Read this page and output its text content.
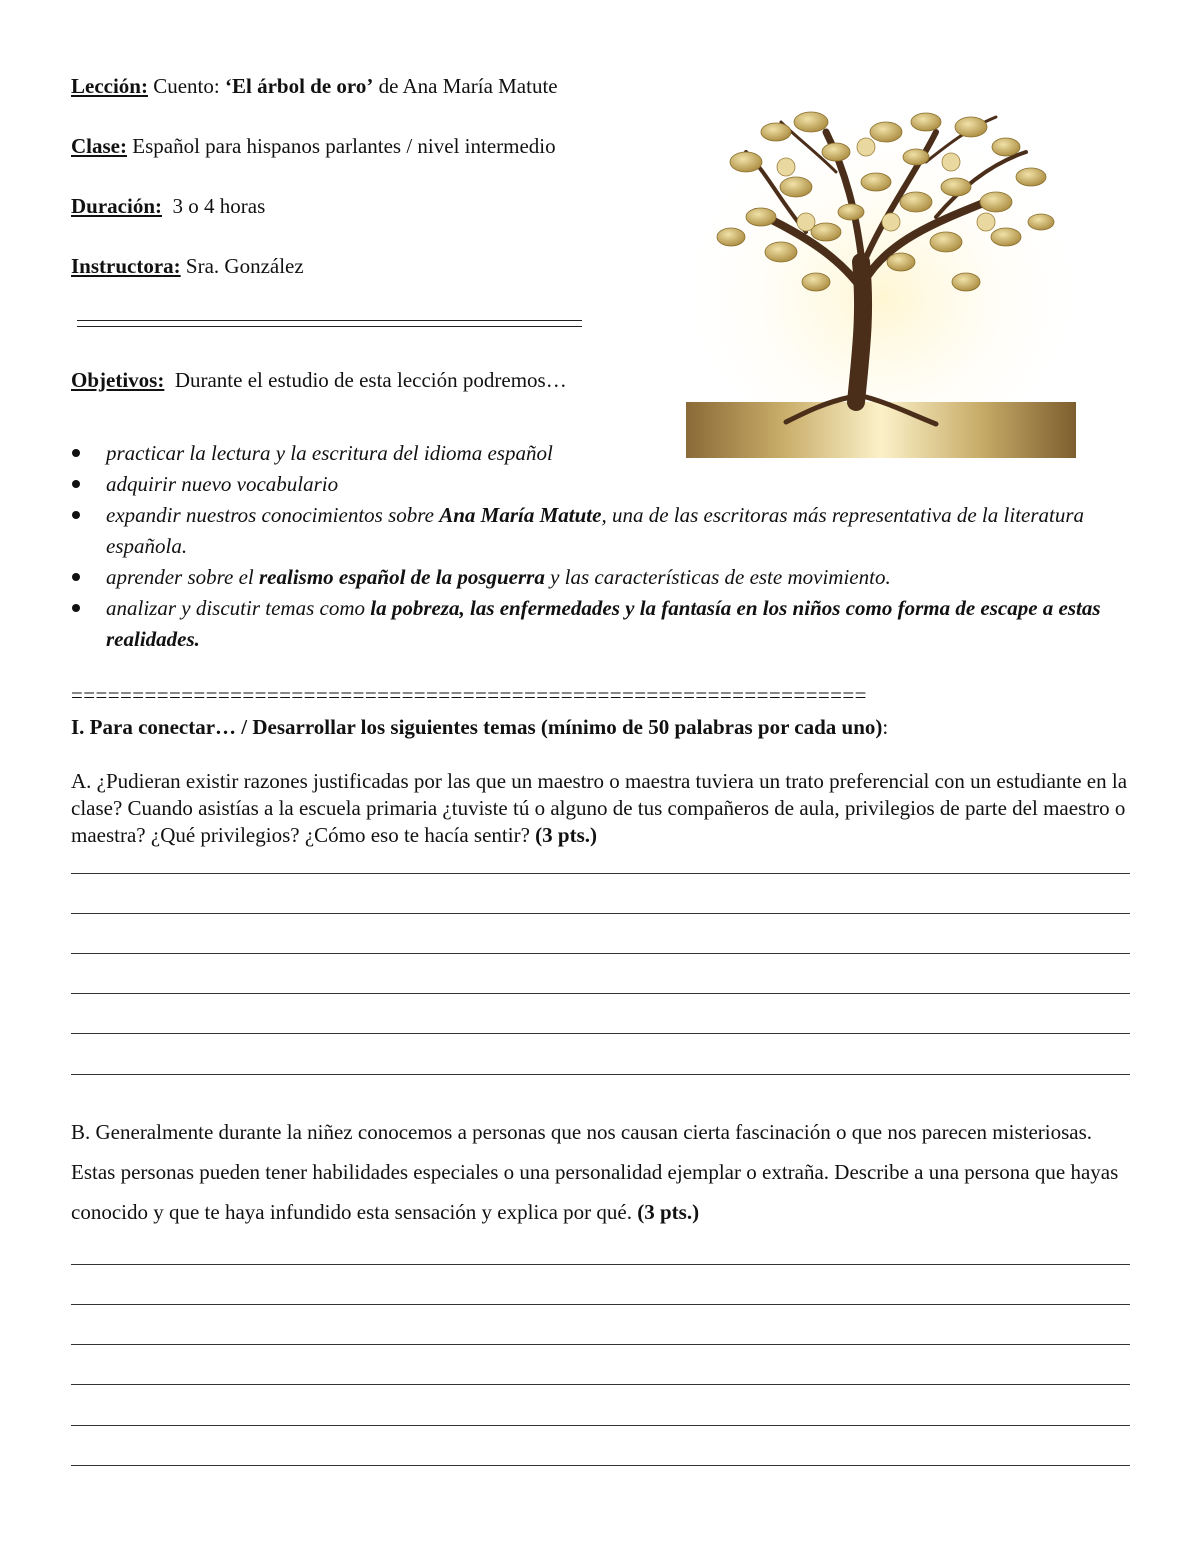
Lección: Cuento: ‘El árbol de oro’ de Ana María Matute
Clase: Español para hispanos parlantes / nivel intermedio
Duración:  3 o 4 horas
Instructora: Sra. González
Objetivos:  Durante el estudio de esta lección podremos…
practicar la lectura y la escritura del idioma español
adquirir nuevo vocabulario
expandir nuestros conocimientos sobre Ana María Matute, una de las escritoras más representativa de la literatura española.
aprender sobre el realismo español de la posguerra y las características de este movimiento.
analizar y discutir temas como la pobreza, las enfermedades y la fantasía en los niños como forma de escape a estas realidades.
=================================================================
I. Para conectar… / Desarrollar los siguientes temas (mínimo de 50 palabras por cada uno):
A. ¿Pudieran existir razones justificadas por las que un maestro o maestra tuviera un trato preferencial con un estudiante en la clase? Cuando asistías a la escuela primaria ¿tuviste tú o alguno de tus compañeros de aula, privilegios de parte del maestro o maestra? ¿Qué privilegios? ¿Cómo eso te hacía sentir? (3 pts.)
B. Generalmente durante la niñez conocemos a personas que nos causan cierta fascinación o que nos parecen misteriosas. Estas personas pueden tener habilidades especiales o una personalidad ejemplar o extraña. Describe a una persona que hayas conocido y que te haya infundido esta sensación y explica por qué. (3 pts.)
